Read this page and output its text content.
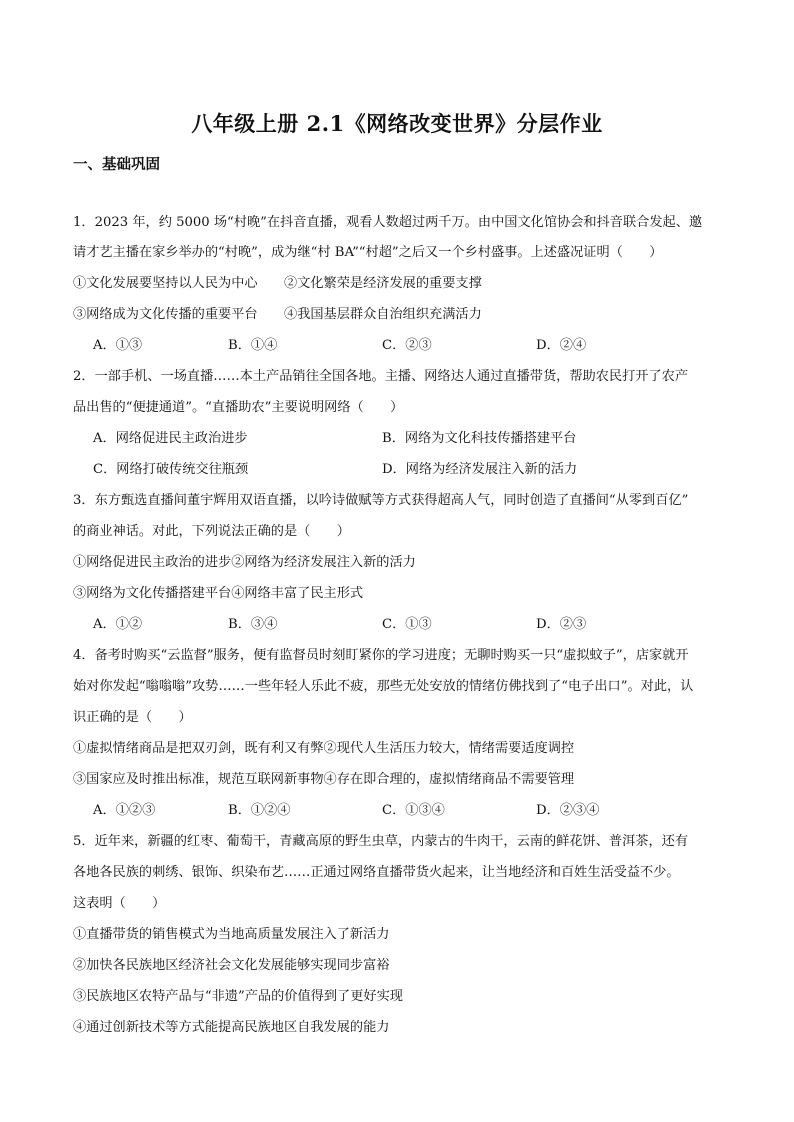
八年级上册 2.1《网络改变世界》分层作业
一、基础巩固
1．2023 年，约 5000 场“村晚”在抖音直播，观看人数超过两千万。由中国文化馆协会和抖音联合发起、邀
请才艺主播在家乡举办的“村晚”，成为继“村 BA”“村超”之后又一个乡村盛事。上述盛况证明（　　）
①文化发展要坚持以人民为中心　　②文化繁荣是经济发展的重要支撑
③网络成为文化传播的重要平台　　④我国基层群众自治组织充满活力
A．①③	B．①④	C．②③	D．②④
2．一部手机、一场直播……本土产品销往全国各地。主播、网络达人通过直播带货，帮助农民打开了农产
品出售的“便捷通道”。“直播助农”主要说明网络（　　）
A．网络促进民主政治进步	B．网络为文化科技传播搭建平台
C．网络打破传统交往瓶颈	D．网络为经济发展注入新的活力
3．东方甄选直播间董宇辉用双语直播，以吟诗做赋等方式获得超高人气，同时创造了直播间“从零到百亿”
的商业神话。对此，下列说法正确的是（　　）
①网络促进民主政治的进步②网络为经济发展注入新的活力
③网络为文化传播搭建平台④网络丰富了民主形式
A．①②	B．③④	C．①③	D．②③
4．备考时购买“云监督”服务，便有监督员时刻盯紧你的学习进度；无聊时购买一只“虚拟蚊子”，店家就开
始对你发起“嗡嗡嗡”攻势……一些年轻人乐此不疲，那些无处安放的情绪仿佛找到了“电子出口”。对此，认
识正确的是（　　）
①虚拟情绪商品是把双刃剑，既有利又有弊②现代人生活压力较大，情绪需要适度调控
③国家应及时推出标准，规范互联网新事物④存在即合理的，虚拟情绪商品不需要管理
A．①②③	B．①②④	C．①③④	D．②③④
5．近年来，新疆的红枣、葡萄干，青藏高原的野生虫草，内蒙古的牛肉干，云南的鲜花饼、普洱茶，还有
各地各民族的刺绣、银饰、织染布艺……正通过网络直播带货火起来，让当地经济和百姓生活受益不少。
这表明（　　）
①直播带货的销售模式为当地高质量发展注入了新活力
②加快各民族地区经济社会文化发展能够实现同步富裕
③民族地区农特产品与“非遗”产品的价值得到了更好实现
④通过创新技术等方式能提高民族地区自我发展的能力
